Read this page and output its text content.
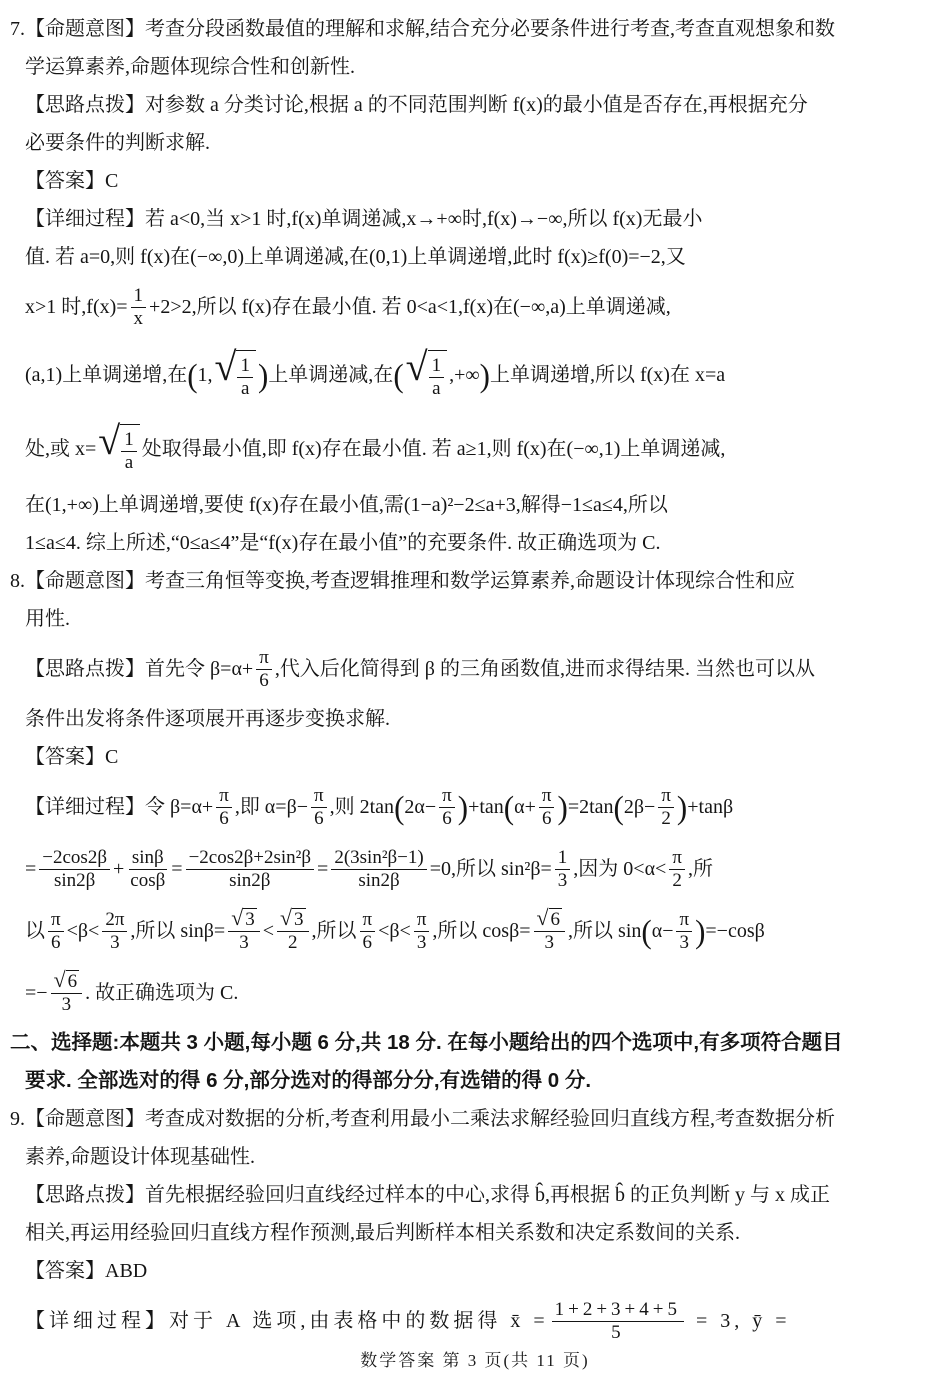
7.【命题意图】考查分段函数最值的理解和求解,结合充分必要条件进行考查,考查直观想象和数
学运算素养,命题体现综合性和创新性.
【思路点拨】对参数 a 分类讨论,根据 a 的不同范围判断 f(x)的最小值是否存在,再根据充分
必要条件的判断求解.
【答案】C
【详细过程】若 a<0,当 x>1 时,f(x)单调递减,x→+∞时,f(x)→−∞,所以 f(x)无最小
值. 若 a=0,则 f(x)在(−∞,0)上单调递减,在(0,1)上单调递增,此时 f(x)≥f(0)=−2,又
x>1 时$,f(x)= \frac{1}{x} +2>2$,所以 f(x)存在最小值. 若 0<a<1,f(x)在(−∞,a)上单调递减,
(a,1)上单调递增,在 ( 1, √ $\frac{1}{a}$ ) 上单调递减,在 ( √ $\frac{1}{a}$ ,+∞ ) 上单调递增,所以 f(x)在 x=a
处,或 x= √ $\frac{1}{a}$ 处取得最小值,即 f(x)存在最小值. 若 a≥1,则 f(x)在(−∞,1)上单调递减,
在(1,+∞)上单调递增,要使 f(x)存在最小值,需(1−a)²−2≤a+3,解得−1≤a≤4,所以
1≤a≤4. 综上所述,“0≤a≤4”是“f(x)存在最小值”的充要条件. 故正确选项为 C.
8.【命题意图】考查三角恒等变换,考查逻辑推理和数学运算素养,命题设计体现综合性和应
用性.
【思路点拨】首先令 $\beta=\alpha+ \frac{\pi}{6}$ ,代入后化简得到 β 的三角函数值,进而求得结果. 当然也可以从
条件出发将条件逐项展开再逐步变换求解.
【答案】C
【详细过程】令 $\beta=\alpha+ \frac{\pi}{6}$ ,即 $\alpha=\beta- \frac{\pi}{6}$ ,则 2tan ( $2\alpha- \frac{\pi}{6}$ ) +tan ( $\alpha+ \frac{\pi}{6}$ ) =2tan ( $2\beta- \frac{\pi}{2}$ ) +tanβ
= $\frac{-2\cos 2\beta}{\sin 2\beta} + \frac{\sin\beta}{\cos\beta} = \frac{\text{−2cos2β+2sin²β}}{\sin 2\beta} = \frac{\text{2(3sin²β−1)}}{\sin 2\beta} =0$,所以 $\sin^2\beta= \frac{1}{3}$ ,因为 $0<\alpha< \frac{\pi}{2}$ ,所
以 $\frac{\pi}{6} <\beta< \frac{2\pi}{3}$ ,所以 $\sin\beta= \frac{√ 3}{3} < \frac{√ 3}{2}$ ,所以 $\frac{\pi}{6} <\beta< \frac{\pi}{3}$ ,所以 $\cos\beta= \frac{√ 6}{3}$ ,所以 sin ( $\alpha- \frac{\pi}{3}$ ) =−cosβ
=− $\frac{√ 6}{3}$ . 故正确选项为 C.
二、选择题:本题共 3 小题,每小题 6 分,共 18 分. 在每小题给出的四个选项中,有多项符合题目
要求. 全部选对的得 6 分,部分选对的得部分分,有选错的得 0 分.
9.【命题意图】考查成对数据的分析,考查利用最小二乘法求解经验回归直线方程,考查数据分析
素养,命题设计体现基础性.
【思路点拨】首先根据经验回归直线经过样本的中心,求得 b̂,再根据 b̂ 的正负判断 y 与 x 成正
相关,再运用经验回归直线方程作预测,最后判断样本相关系数和决定系数间的关系.
【答案】ABD
【详细过程】对于 A 选项,由表格中的数据得 x̄ = $\frac{1+2+3+4+5}{5} = 3$, ȳ =
数学答案 第 3 页(共 11 页)
